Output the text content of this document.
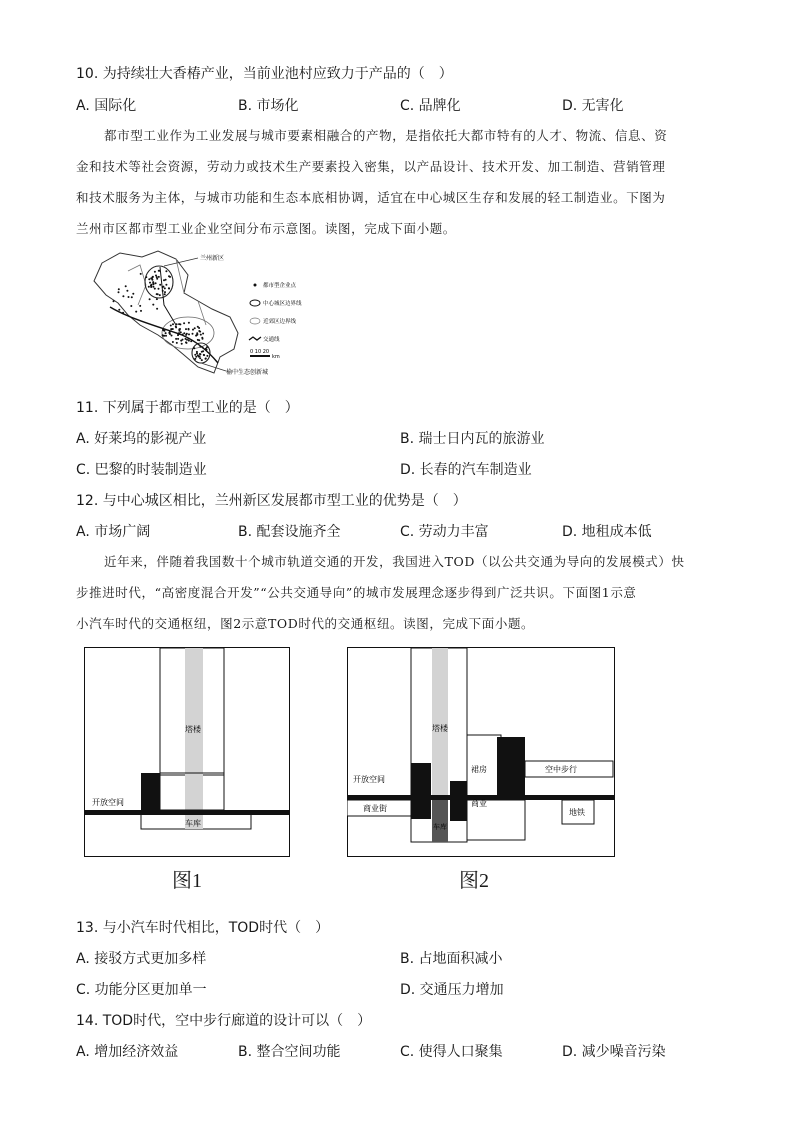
10. 为持续壮大香椿产业，当前业池村应致力于产品的（　）
A. 国际化	B. 市场化	C. 品牌化	D. 无害化

都市型工业作为工业发展与城市要素相融合的产物，是指依托大都市特有的人才、物流、信息、资

金和技术等社会资源，劳动力或技术生产要素投入密集，以产品设计、技术开发、加工制造、营销管理

和技术服务为主体，与城市功能和生态本底相协调，适宜在中心城区生存和发展的轻工制造业。下图为

兰州市区都市型工业企业空间分布示意图。读图，完成下面小题。

兰州新区
榆中生态创新城
都市型企业点
中心城区边界线
近郊区边界线
交通线
0 10 20
km
11. 下列属于都市型工业的是（　）
A. 好莱坞的影视产业	B. 瑞士日内瓦的旅游业
C. 巴黎的时装制造业	D. 长春的汽车制造业
12. 与中心城区相比，兰州新区发展都市型工业的优势是（　）
A. 市场广阔	B. 配套设施齐全	C. 劳动力丰富	D. 地租成本低

近年来，伴随着我国数十个城市轨道交通的开发，我国进入TOD（以公共交通为导向的发展模式）快

步推进时代，“高密度混合开发”“公共交通导向”的城市发展理念逐步得到广泛共识。下面图1示意

小汽车时代的交通枢纽，图2示意TOD时代的交通枢纽。读图，完成下面小题。

塔楼
开放空间
车库
图1
塔楼
开放空间
裙房	空中步行
商业街
商业	下沉广场
地铁
车库
图2
13. 与小汽车时代相比，TOD时代（　）
A. 接驳方式更加多样	B. 占地面积减小
C. 功能分区更加单一	D. 交通压力增加
14. TOD时代，空中步行廊道的设计可以（　）
A. 增加经济效益	B. 整合空间功能	C. 使得人口聚集	D. 减少噪音污染
